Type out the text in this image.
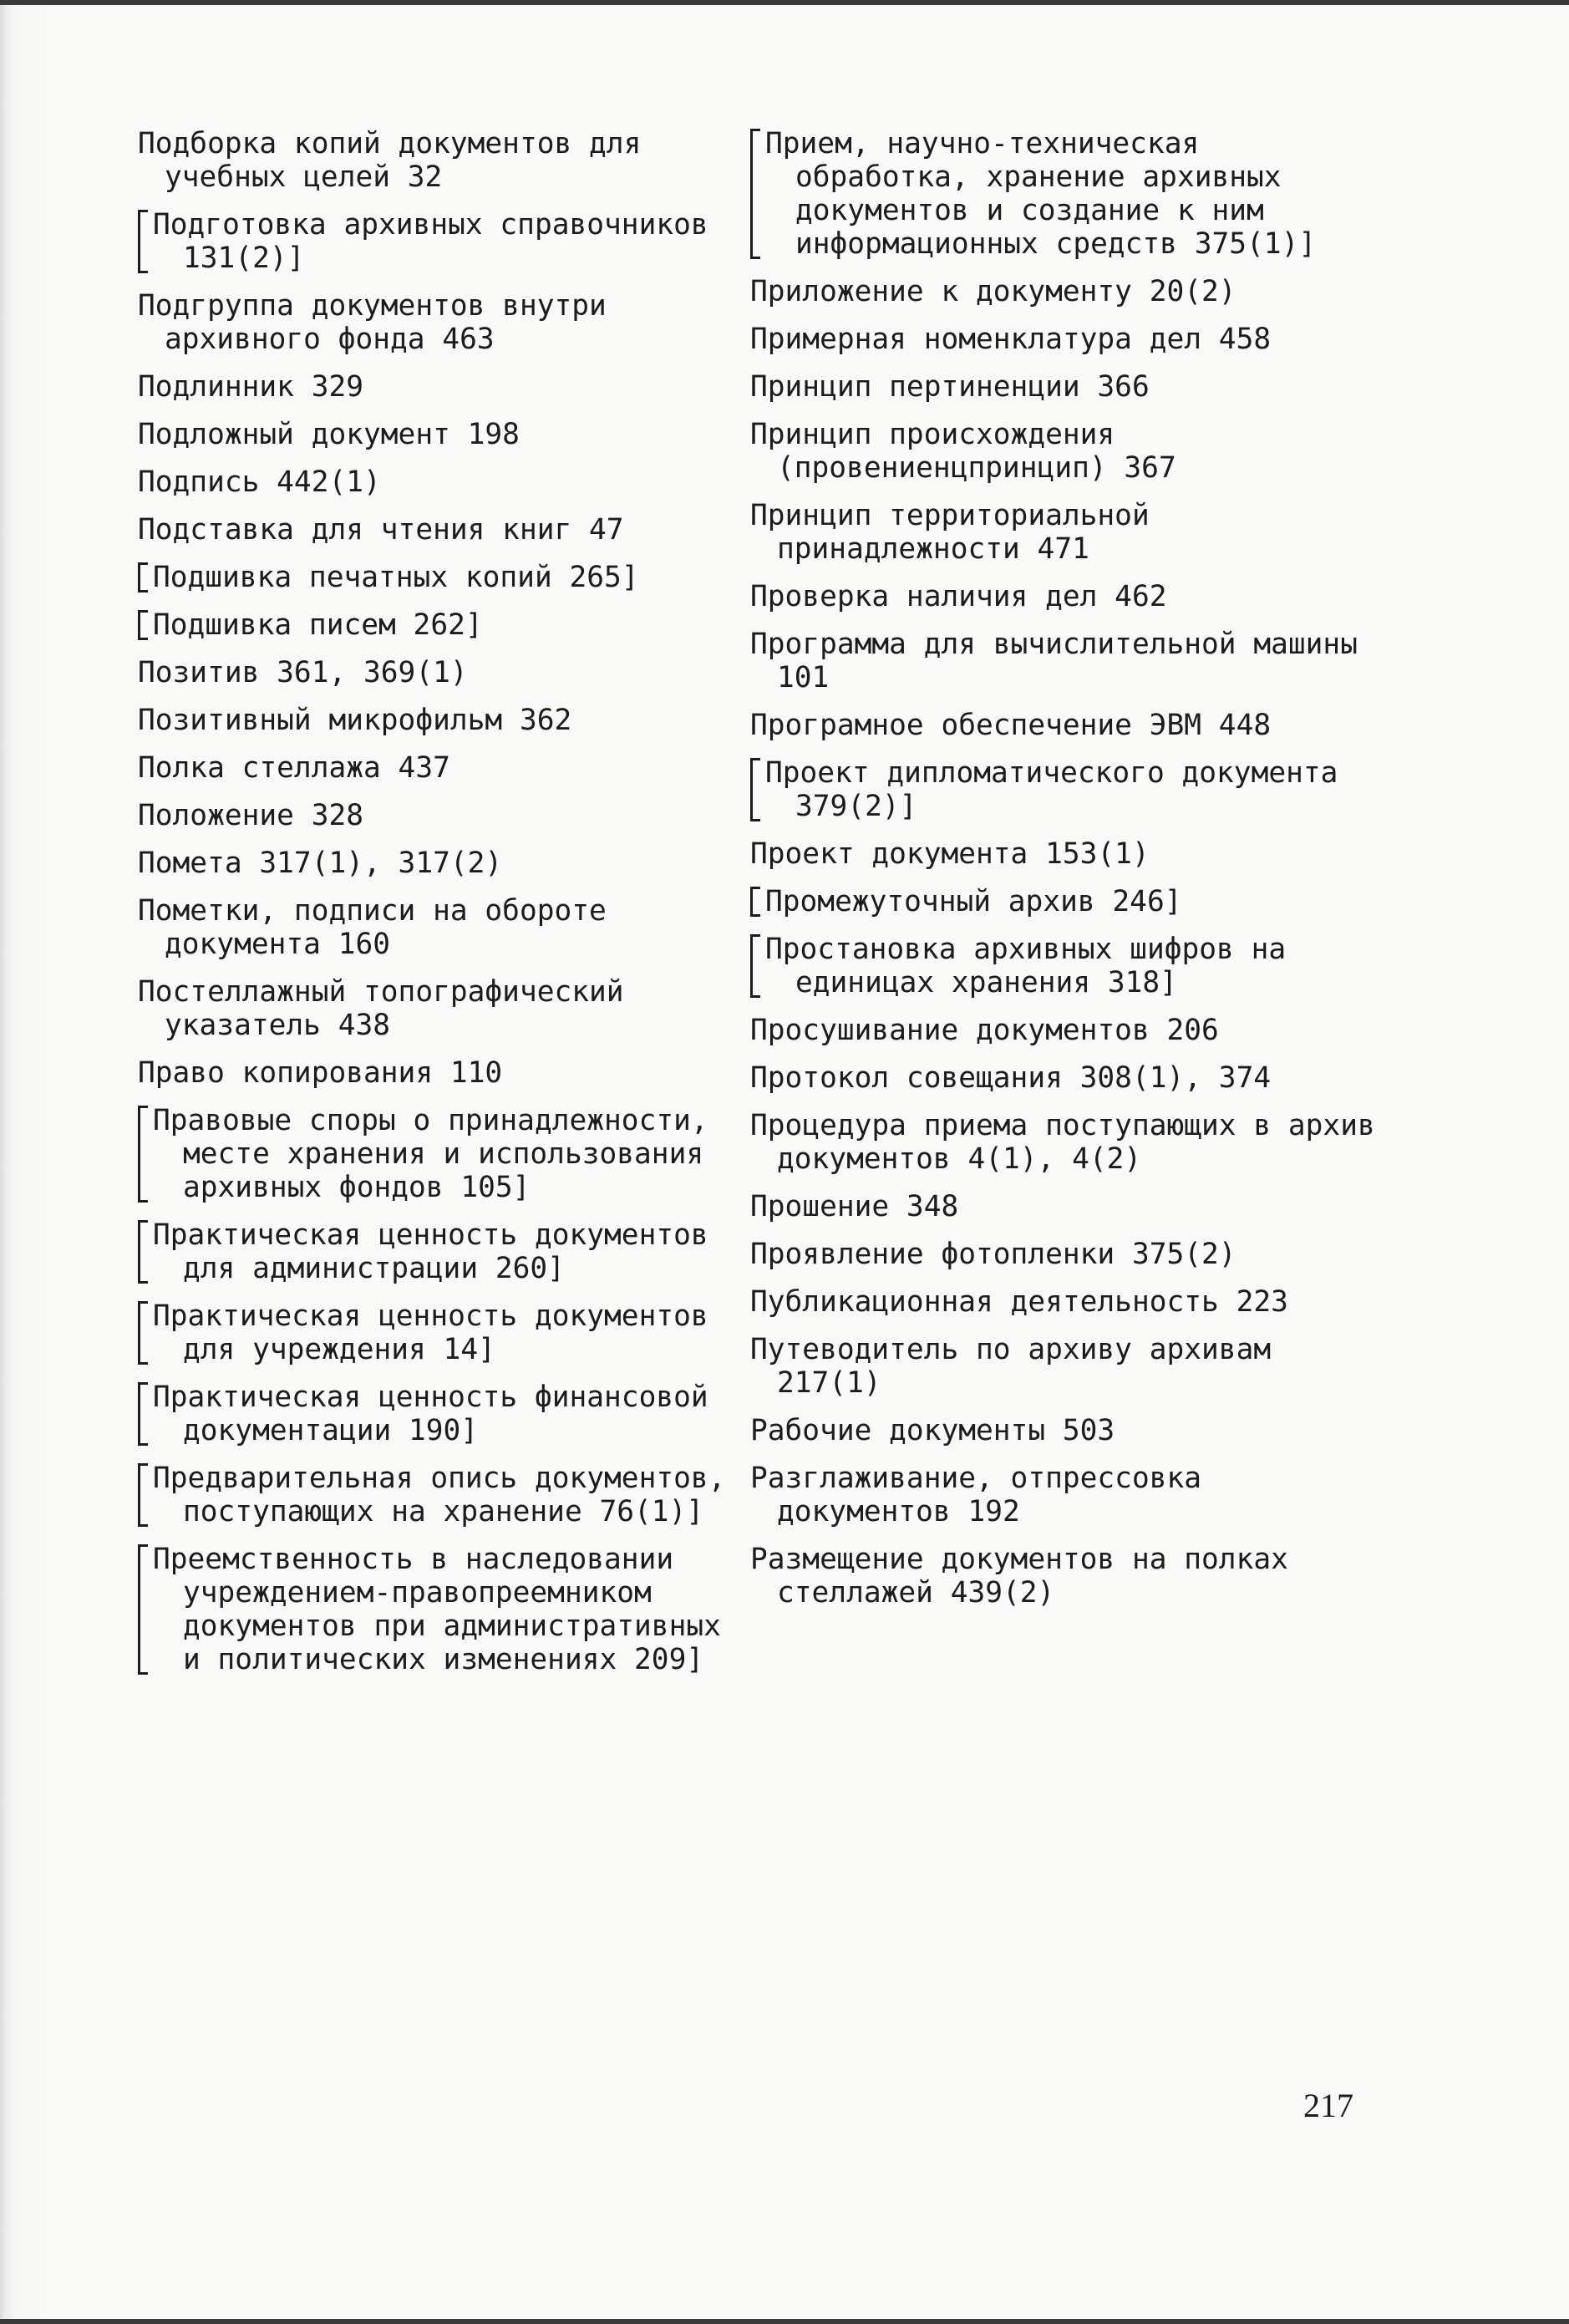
Подборка копий документов для учебных целей 32
Подготовка архивных справочников 131(2)]
Подгруппа документов внутри архивного фонда 463
Подлинник 329
Подложный документ 198
Подпись 442(1)
Подставка для чтения книг 47
Подшивка печатных копий 265]
Подшивка писем 262]
Позитив 361, 369(1)
Позитивный микрофильм 362
Полка стеллажа 437
Положение 328
Помета 317(1), 317(2)
Пометки, подписи на обороте документа 160
Постеллажный топографический указатель 438
Право копирования 110
Правовые споры о принадлежности, месте хранения и использования архивных фондов 105]
Практическая ценность документов для администрации 260]
Практическая ценность документов для учреждения 14]
Практическая ценность финансовой документации 190]
Предварительная опись документов, поступающих на хранение 76(1)]
Преемственность в наследовании учреждением-правопреемником документов при административных и политических изменениях 209]
Прием, научно-техническая обработка, хранение архивных документов и создание к ним информационных средств 375(1)]
Приложение к документу 20(2)
Примерная номенклатура дел 458
Принцип пертиненции 366
Принцип происхождения (провениенцпринцип) 367
Принцип территориальной принадлежности 471
Проверка наличия дел 462
Программа для вычислительной машины 101
Програмное обеспечение ЭВМ 448
Проект дипломатического документа 379(2)]
Проект документа 153(1)
Промежуточный архив 246]
Простановка архивных шифров на единицах хранения 318]
Просушивание документов 206
Протокол совещания 308(1), 374
Процедура приема поступающих в архив документов 4(1), 4(2)
Прошение 348
Проявление фотопленки 375(2)
Публикационная деятельность 223
Путеводитель по архиву архивам 217(1)
Рабочие документы 503
Разглаживание, отпрессовка документов 192
Размещение документов на полках стеллажей 439(2)
217
